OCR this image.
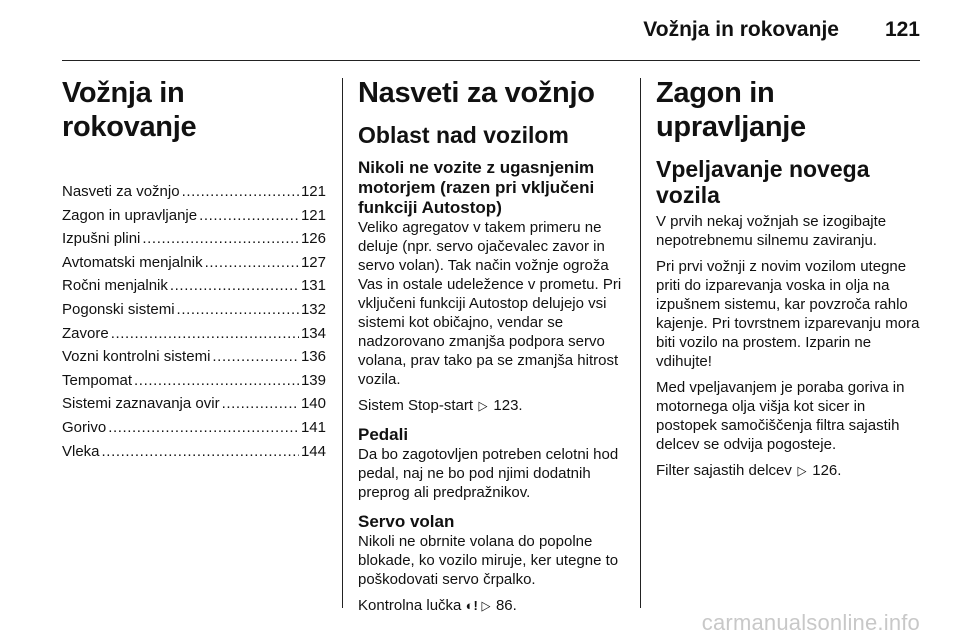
Vožnja in rokovanje 121
Vožnja in rokovanje
Nasveti za vožnjo .....	121
Zagon in upravljanje .....	121
Izpušni plini .....	126
Avtomatski menjalnik .....	127
Ročni menjalnik .....	131
Pogonski sistemi .....	132
Zavore .....	134
Vozni kontrolni sistemi .....	136
Tempomat .....	139
Sistemi zaznavanja ovir .....	140
Gorivo .....	141
Vleka .....	144
Nasveti za vožnjo
Oblast nad vozilom
Nikoli ne vozite z ugasnjenim motorjem (razen pri vključeni funkciji Autostop)

Veliko agregatov v takem primeru ne deluje (npr. servo ojačevalec zavor in servo volan). Tak način vožnje ogroža Vas in ostale udeležence v prometu. Pri vključeni funkciji Autostop delujejo vsi sistemi kot običajno, vendar se nadzorovano zmanjša podpora servo volana, prav tako pa se zmanjša hitrost vozila.

Sistem Stop-start ▷ 123.

Pedali

Da bo zagotovljen potreben celotni hod pedal, naj ne bo pod njimi dodatnih preprog ali predpražnikov.

Servo volan

Nikoli ne obrnite volana do popolne blokade, ko vozilo miruje, ker utegne to poškodovati servo črpalko.

Kontrolna lučka ◐! ▷ 86.

Zagon in upravljanje
Vpeljavanje novega vozila

V prvih nekaj vožnjah se izogibajte nepotrebnemu silnemu zaviranju.

Pri prvi vožnji z novim vozilom utegne priti do izparevanja voska in olja na izpušnem sistemu, kar povzroča rahlo kajenje. Pri tovrstnem izparevanju mora biti vozilo na prostem. Izparin ne vdihujte!

Med vpeljavanjem je poraba goriva in motornega olja višja kot sicer in postopek samočiščenja filtra sajastih delcev se odvija pogosteje.

Filter sajastih delcev ▷ 126.

carmanualsonline.info
